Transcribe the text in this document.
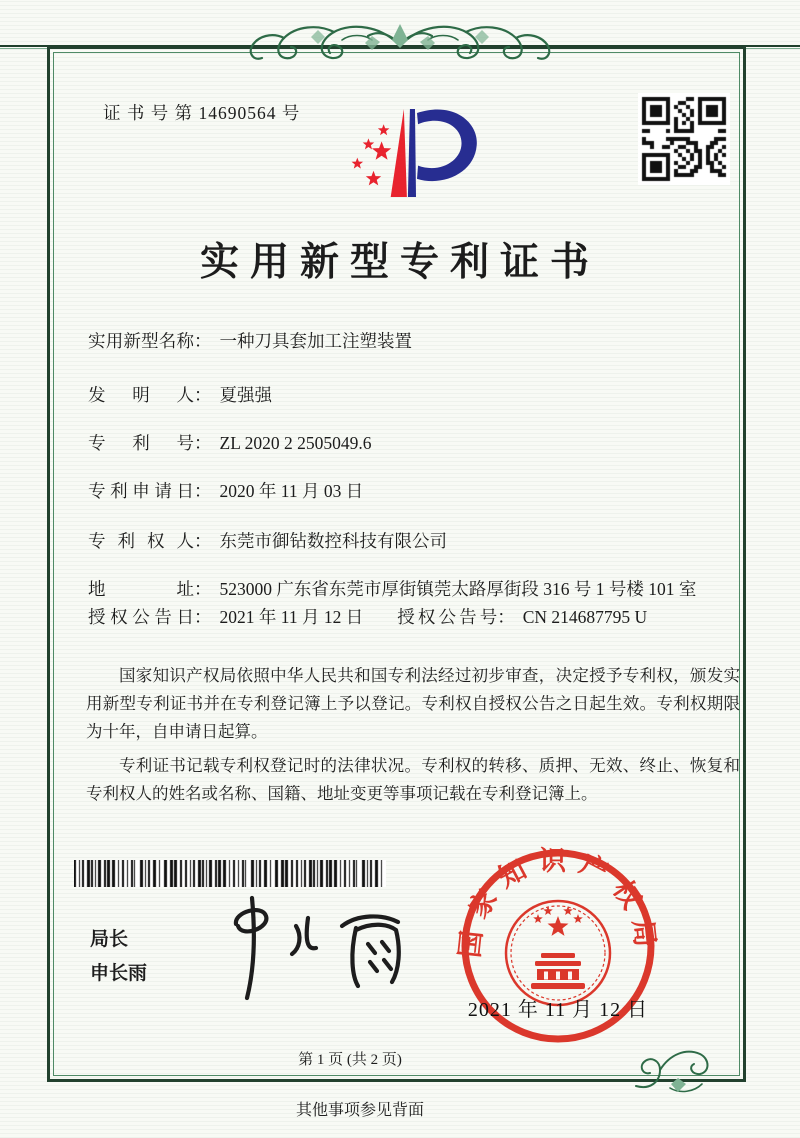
证 书 号 第 14690564 号
实用新型专利证书
实用新型名称 ： 一种刀具套加工注塑装置
发明人 ： 夏强强
专利号 ： ZL 2020 2 2505049.6
专利申请日 ： 2020 年 11 月 03 日
专利权人 ： 东莞市御钻数控科技有限公司
地址 ： 523000 广东省东莞市厚街镇莞太路厚街段 316 号 1 号楼 101 室
授权公告日 ： 2021 年 11 月 12 日 授权公告号 ： CN 214687795 U

国家知识产权局依照中华人民共和国专利法经过初步审查，决定授予专利权，颁发实用新型专利证书并在专利登记簿上予以登记。专利权自授权公告之日起生效。专利权期限为十年，自申请日起算。

专利证书记载专利权登记时的法律状况。专利权的转移、质押、无效、终止、恢复和专利权人的姓名或名称、国籍、地址变更等事项记载在专利登记簿上。

局长
申长雨
国家知识产权局
2021 年 11 月 12 日
第 1 页 (共 2 页)
其他事项参见背面
